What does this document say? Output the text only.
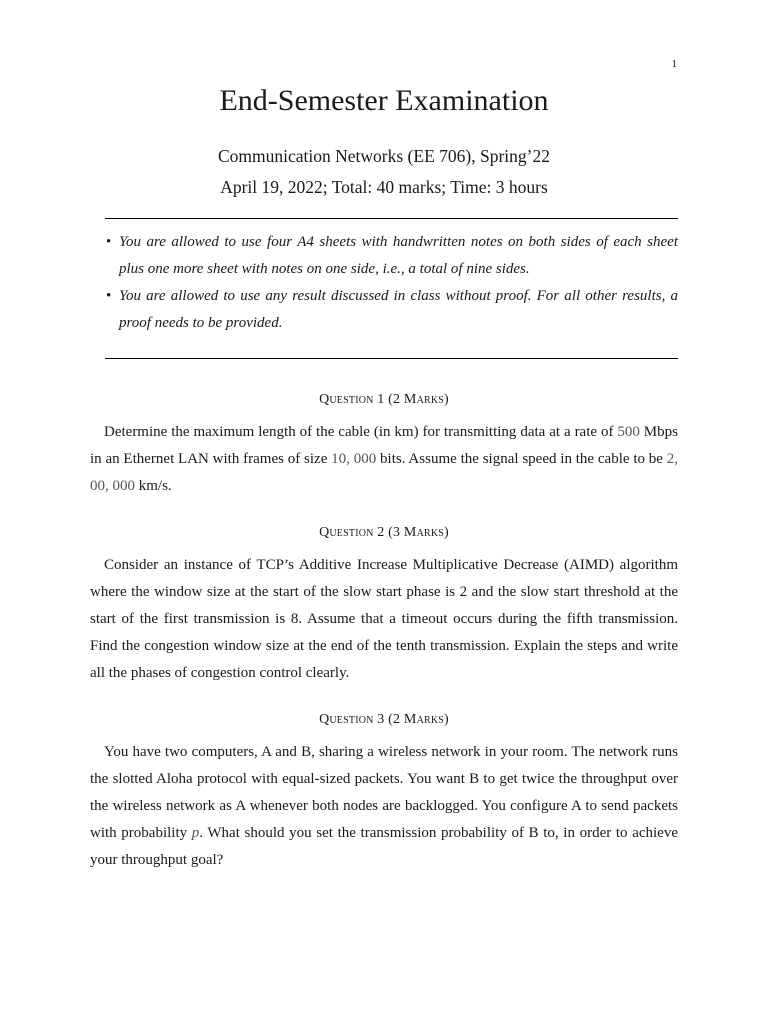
1
End-Semester Examination
Communication Networks (EE 706), Spring’22
April 19, 2022; Total: 40 marks; Time: 3 hours
• You are allowed to use four A4 sheets with handwritten notes on both sides of each sheet plus one more sheet with notes on one side, i.e., a total of nine sides.
• You are allowed to use any result discussed in class without proof. For all other results, a proof needs to be provided.
Question 1 (2 Marks)

Determine the maximum length of the cable (in km) for transmitting data at a rate of 500 Mbps in an Ethernet LAN with frames of size 10, 000 bits. Assume the signal speed in the cable to be 2, 00, 000 km/s.

Question 2 (3 Marks)

Consider an instance of TCP’s Additive Increase Multiplicative Decrease (AIMD) algorithm where the window size at the start of the slow start phase is 2 and the slow start threshold at the start of the first transmission is 8. Assume that a timeout occurs during the fifth transmission. Find the congestion window size at the end of the tenth transmission. Explain the steps and write all the phases of congestion control clearly.

Question 3 (2 Marks)

You have two computers, A and B, sharing a wireless network in your room. The network runs the slotted Aloha protocol with equal-sized packets. You want B to get twice the throughput over the wireless network as A whenever both nodes are backlogged. You configure A to send packets with probability p. What should you set the transmission probability of B to, in order to achieve your throughput goal?
